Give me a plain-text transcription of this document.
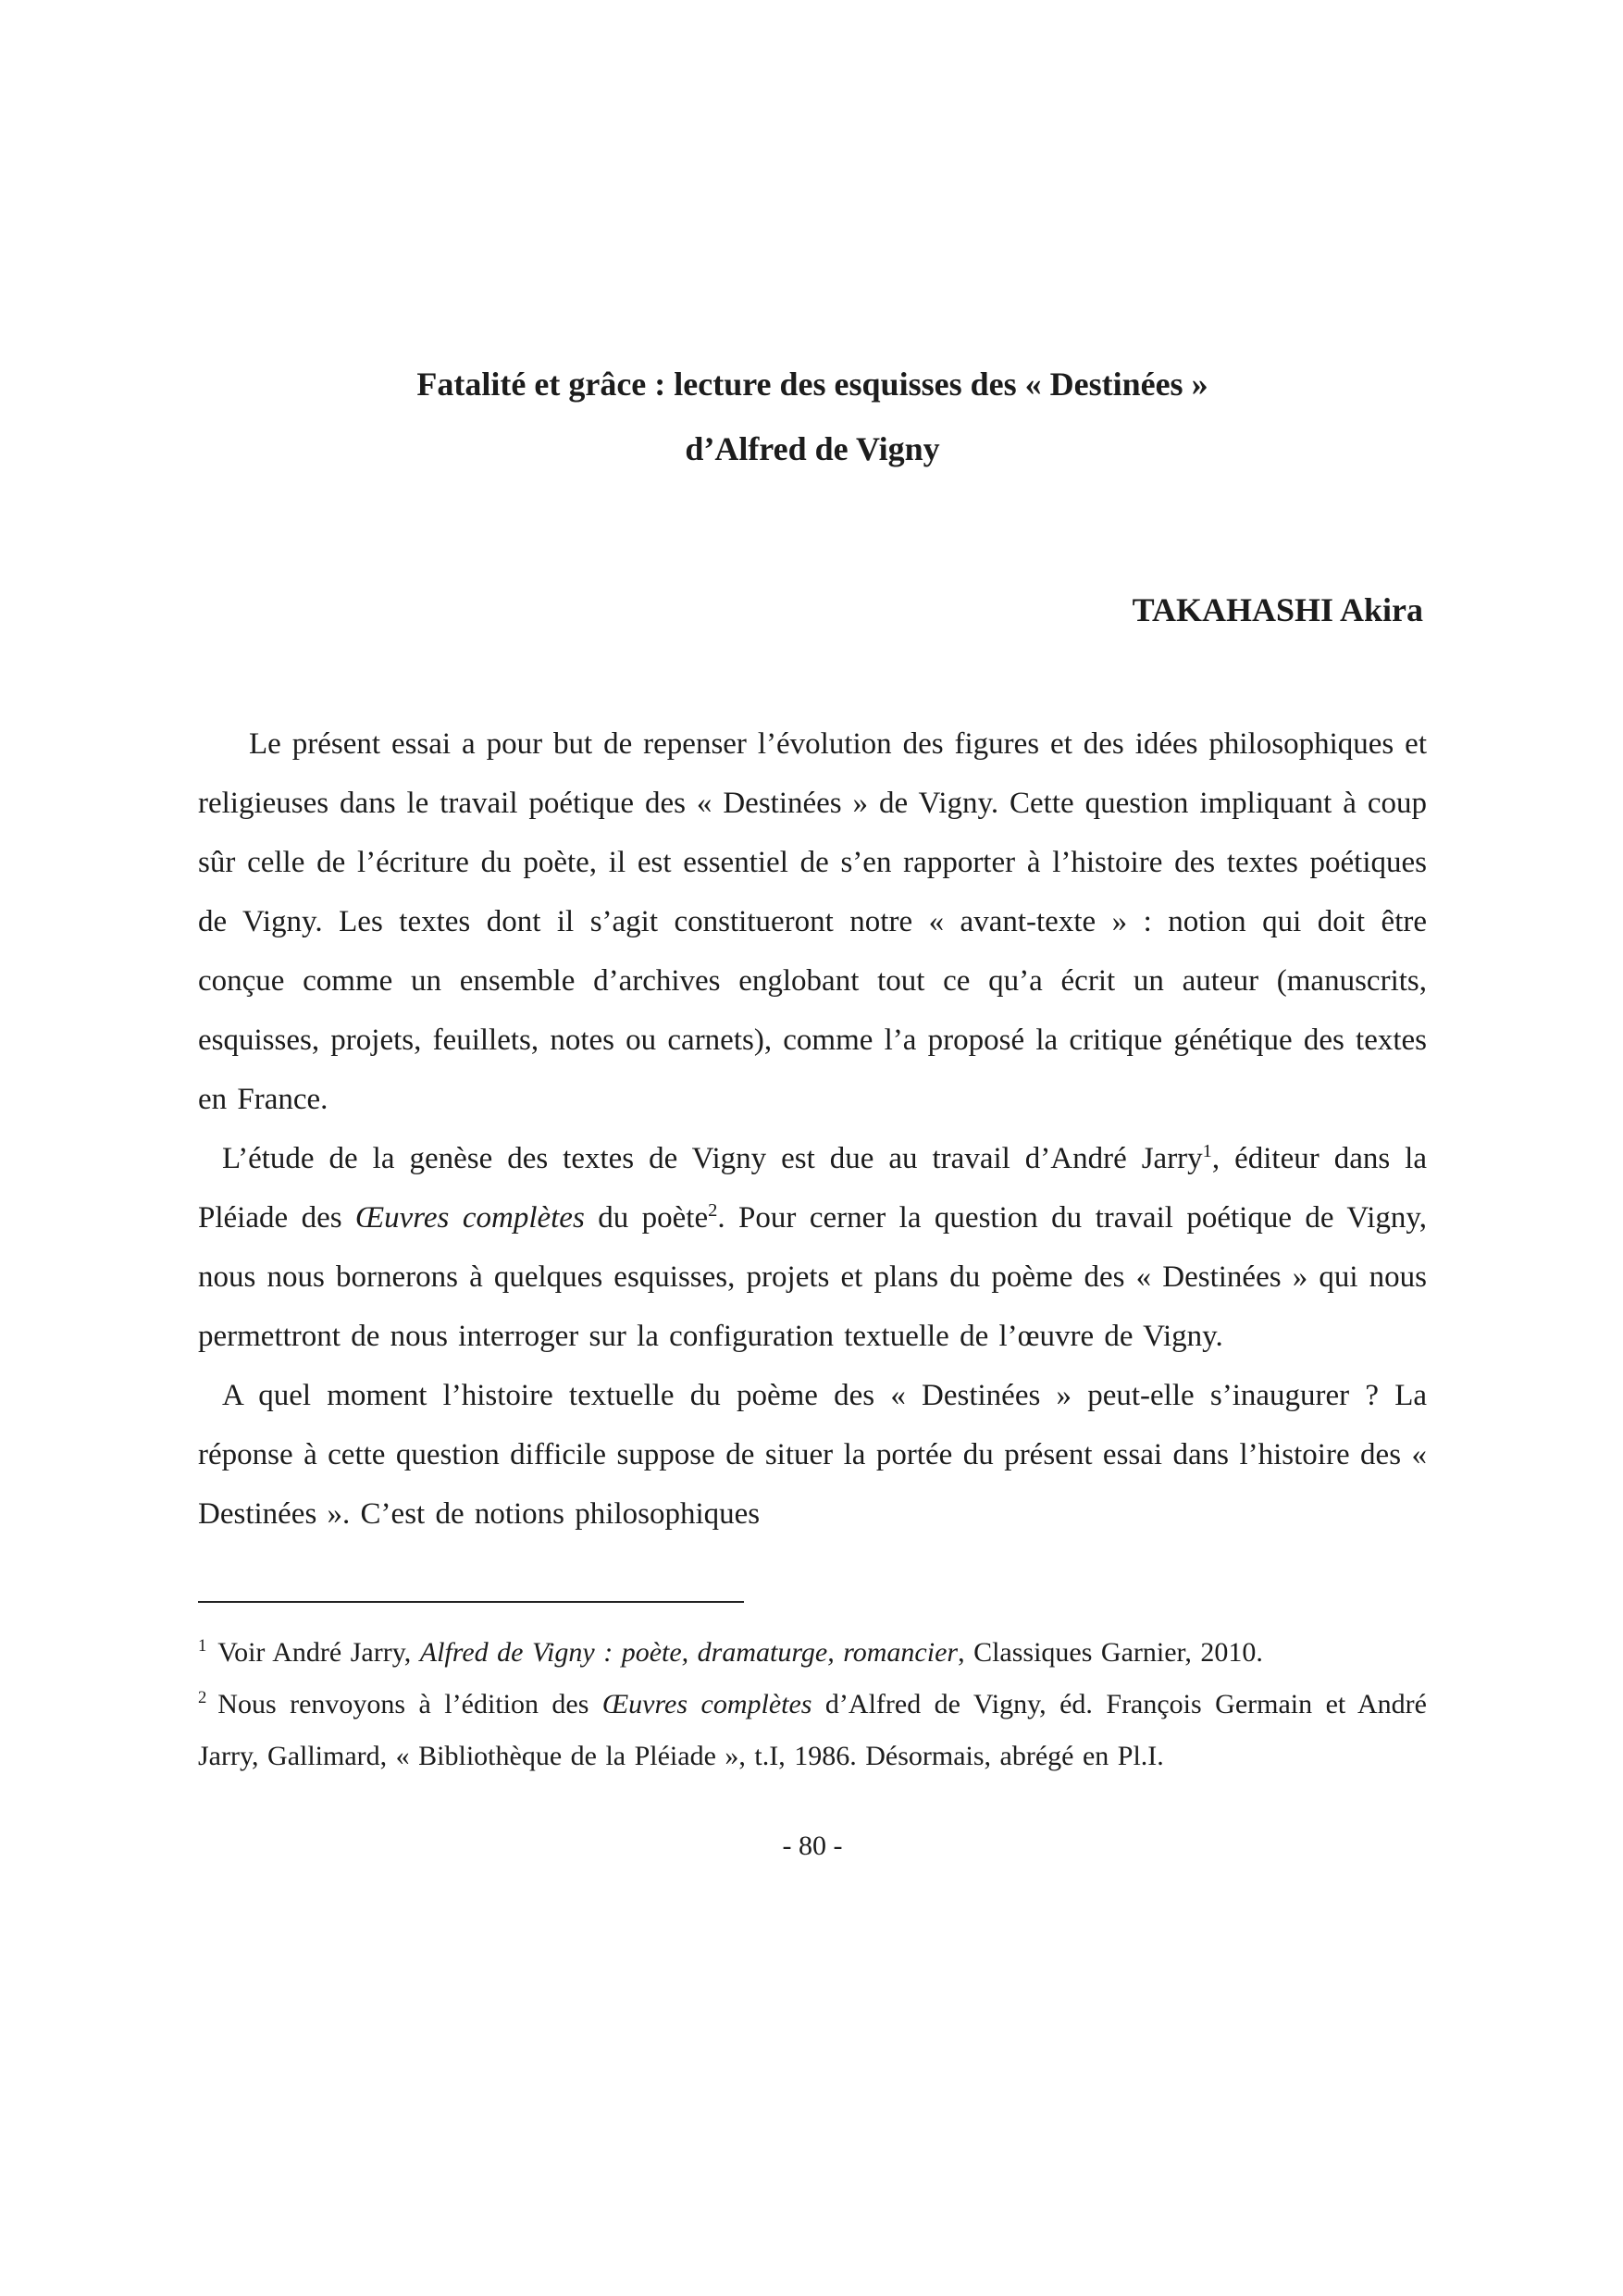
Fatalité et grâce : lecture des esquisses des « Destinées »
d’Alfred de Vigny
TAKAHASHI Akira

Le présent essai a pour but de repenser l’évolution des figures et des idées philosophiques et religieuses dans le travail poétique des « Destinées » de Vigny. Cette question impliquant à coup sûr celle de l’écriture du poète, il est essentiel de s’en rapporter à l’histoire des textes poétiques de Vigny. Les textes dont il s’agit constitueront notre « avant-texte » : notion qui doit être conçue comme un ensemble d’archives englobant tout ce qu’a écrit un auteur (manuscrits, esquisses, projets, feuillets, notes ou carnets), comme l’a proposé la critique génétique des textes en France.

L’étude de la genèse des textes de Vigny est due au travail d’André Jarry$^1$, éditeur dans la Pléiade des Œuvres complètes du poète$^2$. Pour cerner la question du travail poétique de Vigny, nous nous bornerons à quelques esquisses, projets et plans du poème des « Destinées » qui nous permettront de nous interroger sur la configuration textuelle de l’œuvre de Vigny.

A quel moment l’histoire textuelle du poème des « Destinées » peut-elle s’inaugurer ? La réponse à cette question difficile suppose de situer la portée du présent essai dans l’histoire des « Destinées ». C’est de notions philosophiques

$^1$ Voir André Jarry, Alfred de Vigny : poète, dramaturge, romancier, Classiques Garnier, 2010.

$^2$ Nous renvoyons à l’édition des Œuvres complètes d’Alfred de Vigny, éd. François Germain et André Jarry, Gallimard, « Bibliothèque de la Pléiade », t.I, 1986. Désormais, abrégé en Pl.I.

- 80 -
